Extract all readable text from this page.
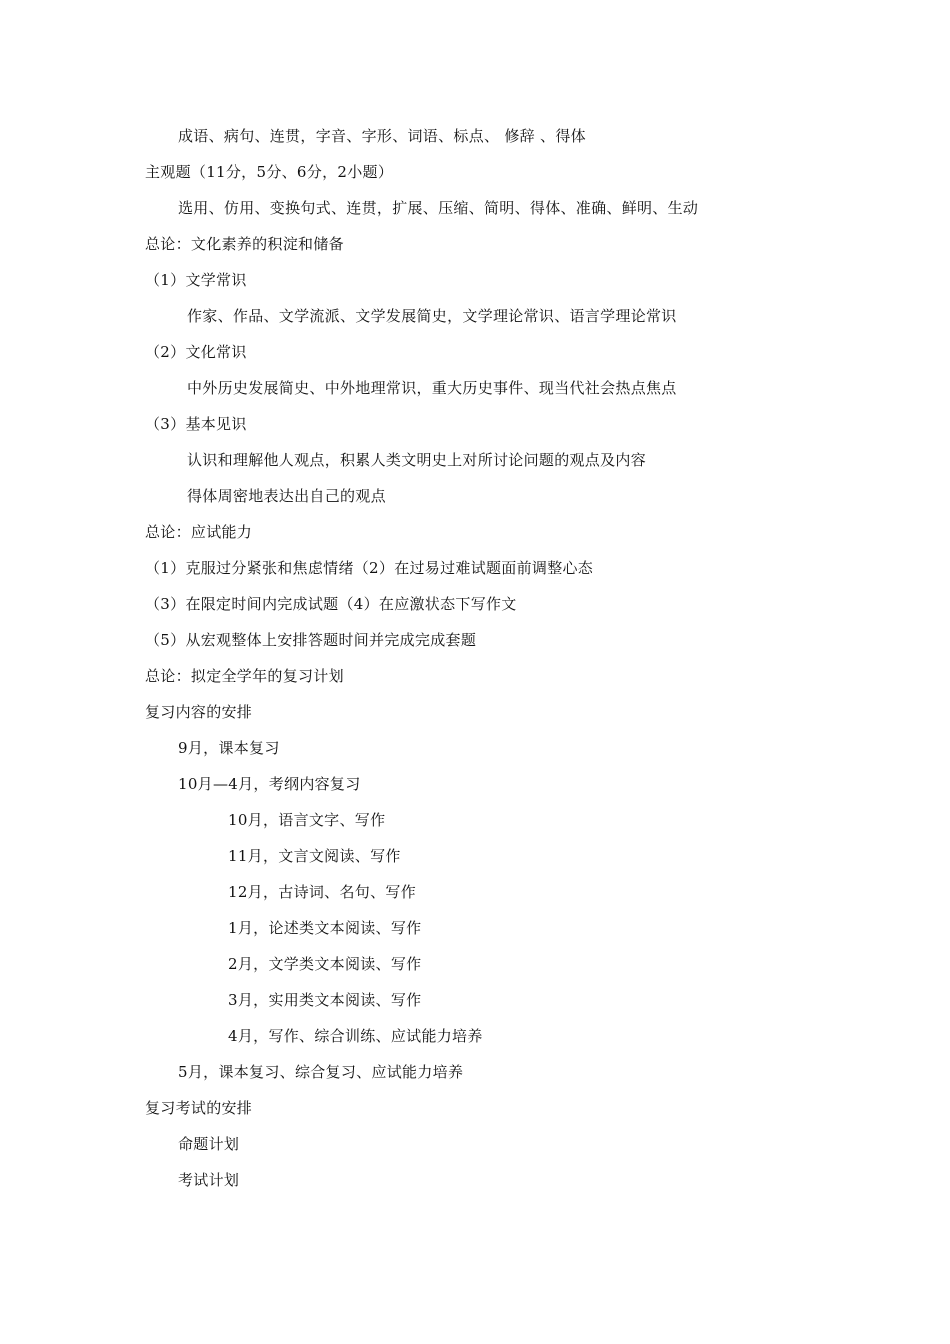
成语、病句、连贯，字音、字形、词语、标点、 修辞 、得体
主观题（11分，5分、6分，2小题）
选用、仿用、变换句式、连贯，扩展、压缩、简明、得体、准确、鲜明、生动
总论：文化素养的积淀和储备
（1）文学常识
作家、作品、文学流派、文学发展简史，文学理论常识、语言学理论常识
（2）文化常识
中外历史发展简史、中外地理常识，重大历史事件、现当代社会热点焦点
（3）基本见识
认识和理解他人观点，积累人类文明史上对所讨论问题的观点及内容
得体周密地表达出自己的观点
总论：应试能力
（1）克服过分紧张和焦虑情绪（2）在过易过难试题面前调整心态
（3）在限定时间内完成试题（4）在应激状态下写作文
（5）从宏观整体上安排答题时间并完成完成套题
总论：拟定全学年的复习计划
复习内容的安排
9月，课本复习
10月—4月，考纲内容复习
10月，语言文字、写作
11月，文言文阅读、写作
12月，古诗词、名句、写作
1月，论述类文本阅读、写作
2月，文学类文本阅读、写作
3月，实用类文本阅读、写作
4月，写作、综合训练、应试能力培养
5月，课本复习、综合复习、应试能力培养
复习考试的安排
命题计划
考试计划
